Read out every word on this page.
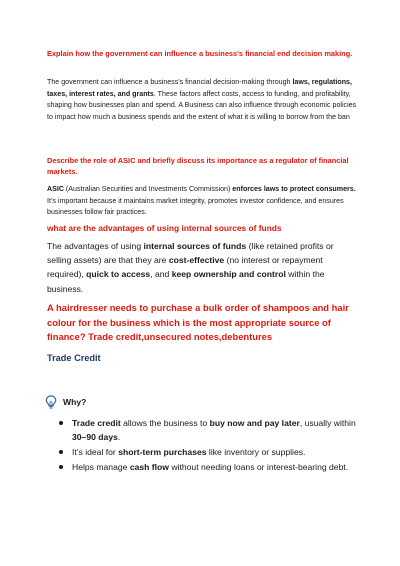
Explain how the government can influence a business's financial end decision making.
The government can influence a business's financial decision-making through laws, regulations, taxes, interest rates, and grants. These factors affect costs, access to funding, and profitability, shaping how businesses plan and spend. A Business can also influence through economic policies to impact how much a business spends and the extent of what it is willing to borrow from the ban
Describe the role of ASIC and briefly discuss its importance as a regulator of financial markets.
ASIC (Australian Securities and Investments Commission) enforces laws to protect consumers. It’s important because it maintains market integrity, promotes investor confidence, and ensures businesses follow fair practices.
what are the advantages of using internal sources of funds
The advantages of using internal sources of funds (like retained profits or selling assets) are that they are cost-effective (no interest or repayment required), quick to access, and keep ownership and control within the business.
A hairdresser needs to purchase a bulk order of shampoos and hair colour for the business which is the most appropriate source of finance? Trade credit,unsecured notes,debentures
Trade Credit
Why?
Trade credit allows the business to buy now and pay later, usually within 30–90 days.
It’s ideal for short-term purchases like inventory or supplies.
Helps manage cash flow without needing loans or interest-bearing debt.
